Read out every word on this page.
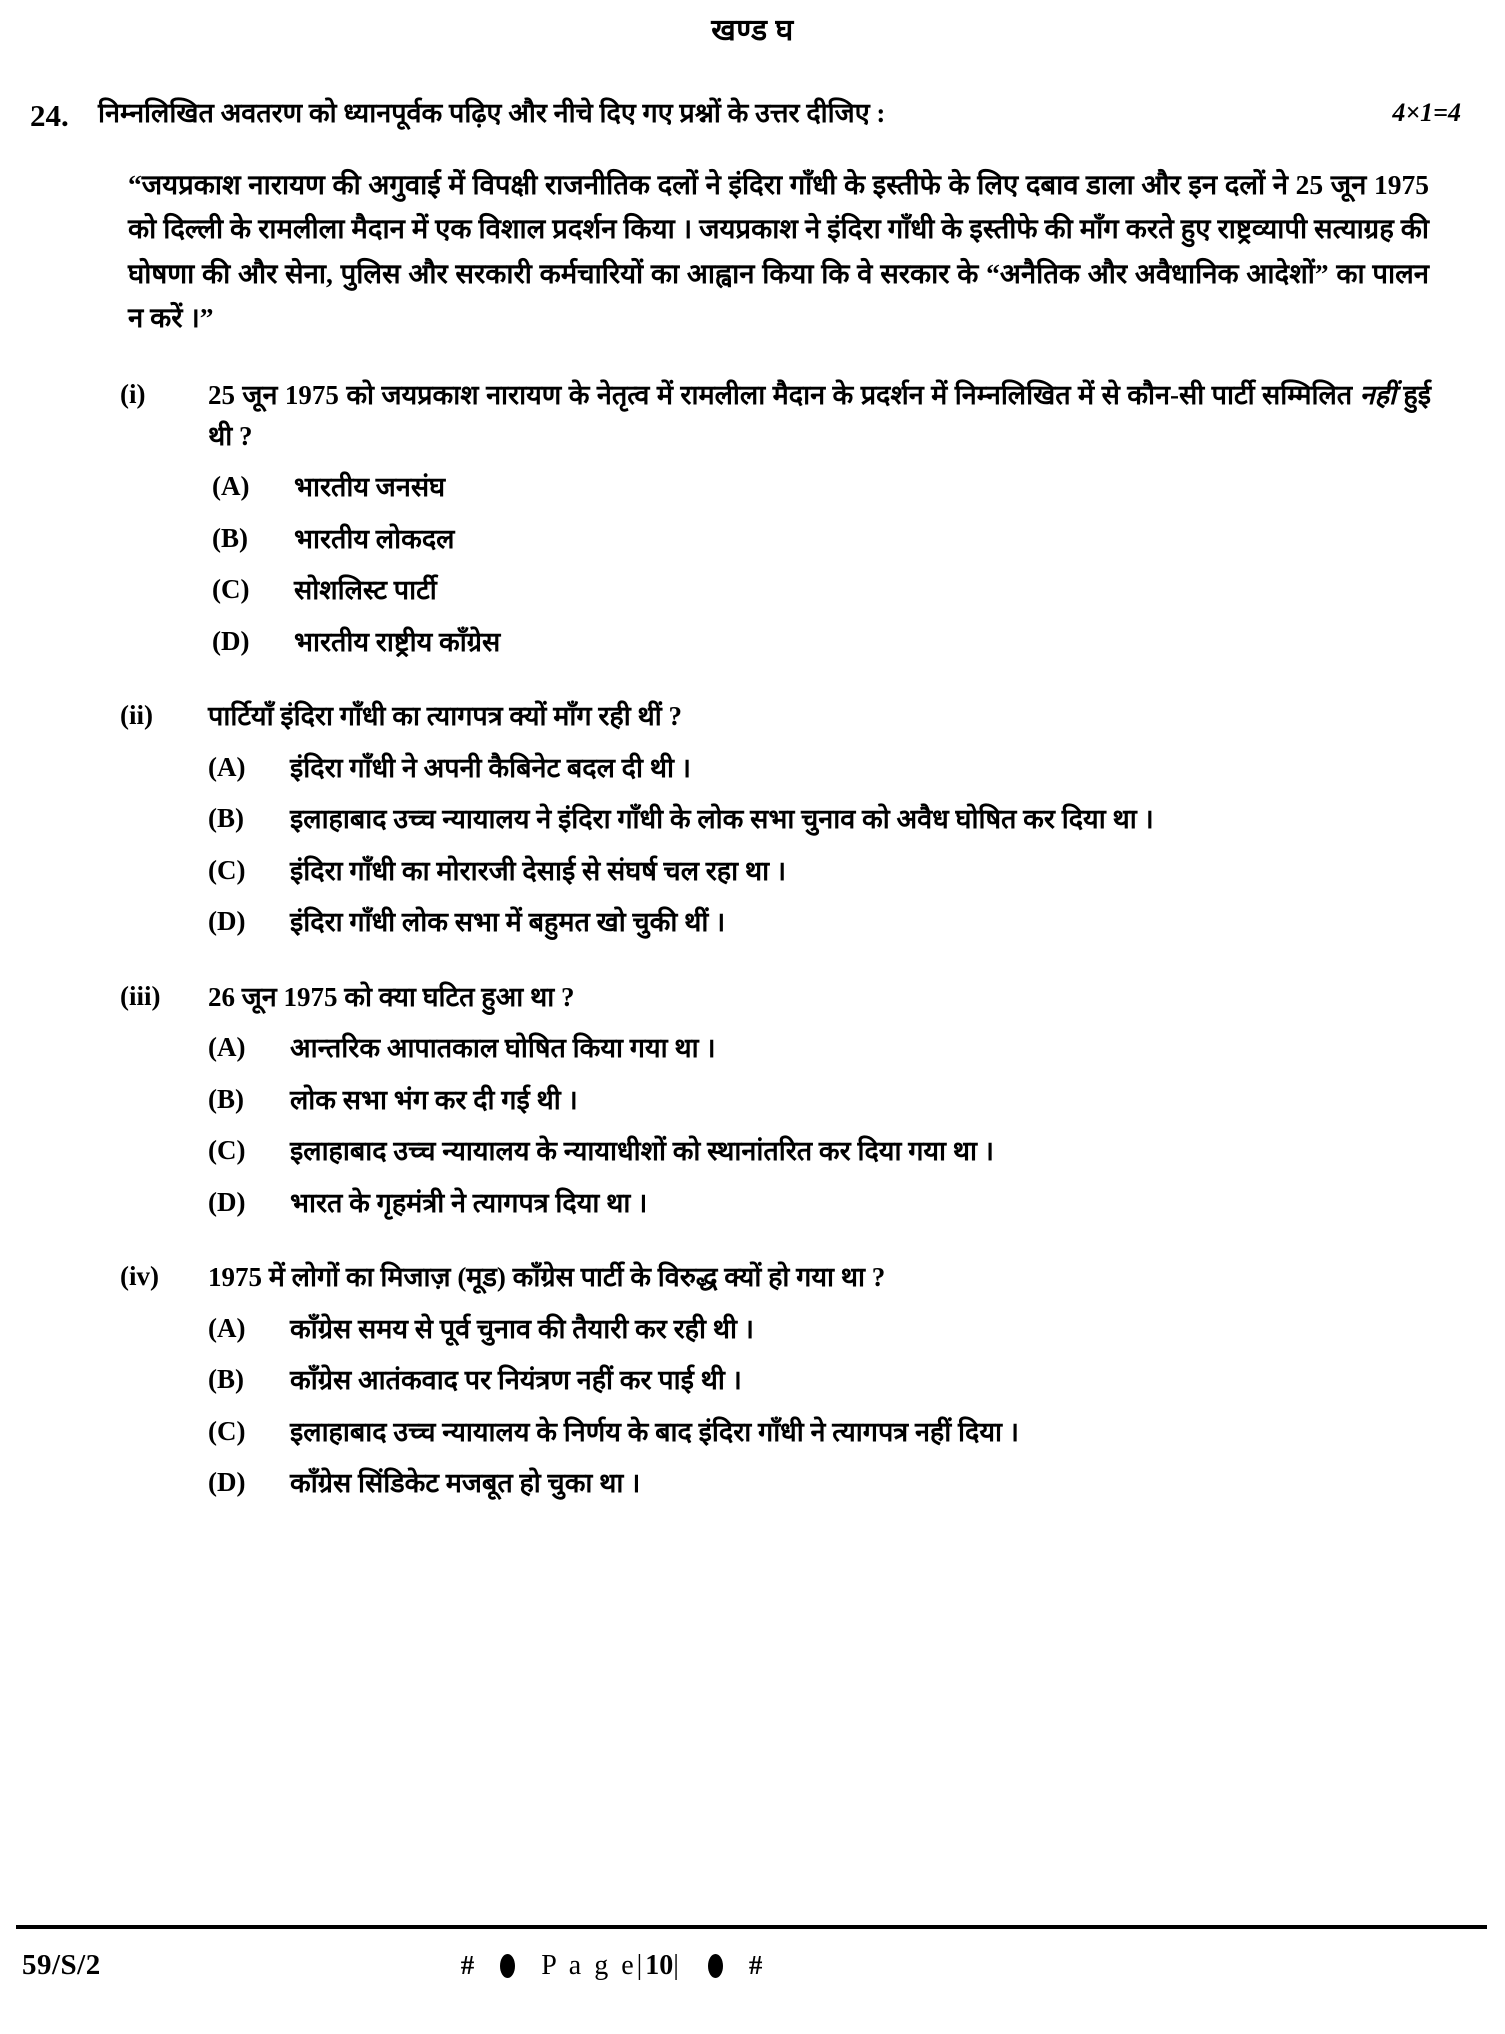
खण्ड घ
24.	निम्नलिखित अवतरण को ध्यानपूर्वक पढ़िए और नीचे दिए गए प्रश्नों के उत्तर दीजिए :	4×1=4
“जयप्रकाश नारायण की अगुवाई में विपक्षी राजनीतिक दलों ने इंदिरा गाँधी के इस्तीफे के लिए दबाव डाला और इन दलों ने 25 जून 1975 को दिल्ली के रामलीला मैदान में एक विशाल प्रदर्शन किया । जयप्रकाश ने इंदिरा गाँधी के इस्तीफे की माँग करते हुए राष्ट्रव्यापी सत्याग्रह की घोषणा की और सेना, पुलिस और सरकारी कर्मचारियों का आह्वान किया कि वे सरकार के “अनैतिक और अवैधानिक आदेशों” का पालन न करें ।”
(i)	25 जून 1975 को जयप्रकाश नारायण के नेतृत्व में रामलीला मैदान के प्रदर्शन में निम्नलिखित में से कौन-सी पार्टी सम्मिलित नहीं हुई थी ?
(A)	भारतीय जनसंघ
(B)	भारतीय लोकदल
(C)	सोशलिस्ट पार्टी
(D)	भारतीय राष्ट्रीय काँग्रेस
(ii)	पार्टियाँ इंदिरा गाँधी का त्यागपत्र क्यों माँग रही थीं ?
(A)	इंदिरा गाँधी ने अपनी कैबिनेट बदल दी थी ।
(B)	इलाहाबाद उच्च न्यायालय ने इंदिरा गाँधी के लोक सभा चुनाव को अवैध घोषित कर दिया था ।
(C)	इंदिरा गाँधी का मोरारजी देसाई से संघर्ष चल रहा था ।
(D)	इंदिरा गाँधी लोक सभा में बहुमत खो चुकी थीं ।
(iii)	26 जून 1975 को क्या घटित हुआ था ?
(A)	आन्तरिक आपातकाल घोषित किया गया था ।
(B)	लोक सभा भंग कर दी गई थी ।
(C)	इलाहाबाद उच्च न्यायालय के न्यायाधीशों को स्थानांतरित कर दिया गया था ।
(D)	भारत के गृहमंत्री ने त्यागपत्र दिया था ।
(iv)	1975 में लोगों का मिजाज़ (मूड) काँग्रेस पार्टी के विरुद्ध क्यों हो गया था ?
(A)	काँग्रेस समय से पूर्व चुनाव की तैयारी कर रही थी ।
(B)	काँग्रेस आतंकवाद पर नियंत्रण नहीं कर पाई थी ।
(C)	इलाहाबाद उच्च न्यायालय के निर्णय के बाद इंदिरा गाँधी ने त्यागपत्र नहीं दिया ।
(D)	काँग्रेस सिंडिकेट मजबूत हो चुका था ।
59/S/2	# P a g e|10| #
